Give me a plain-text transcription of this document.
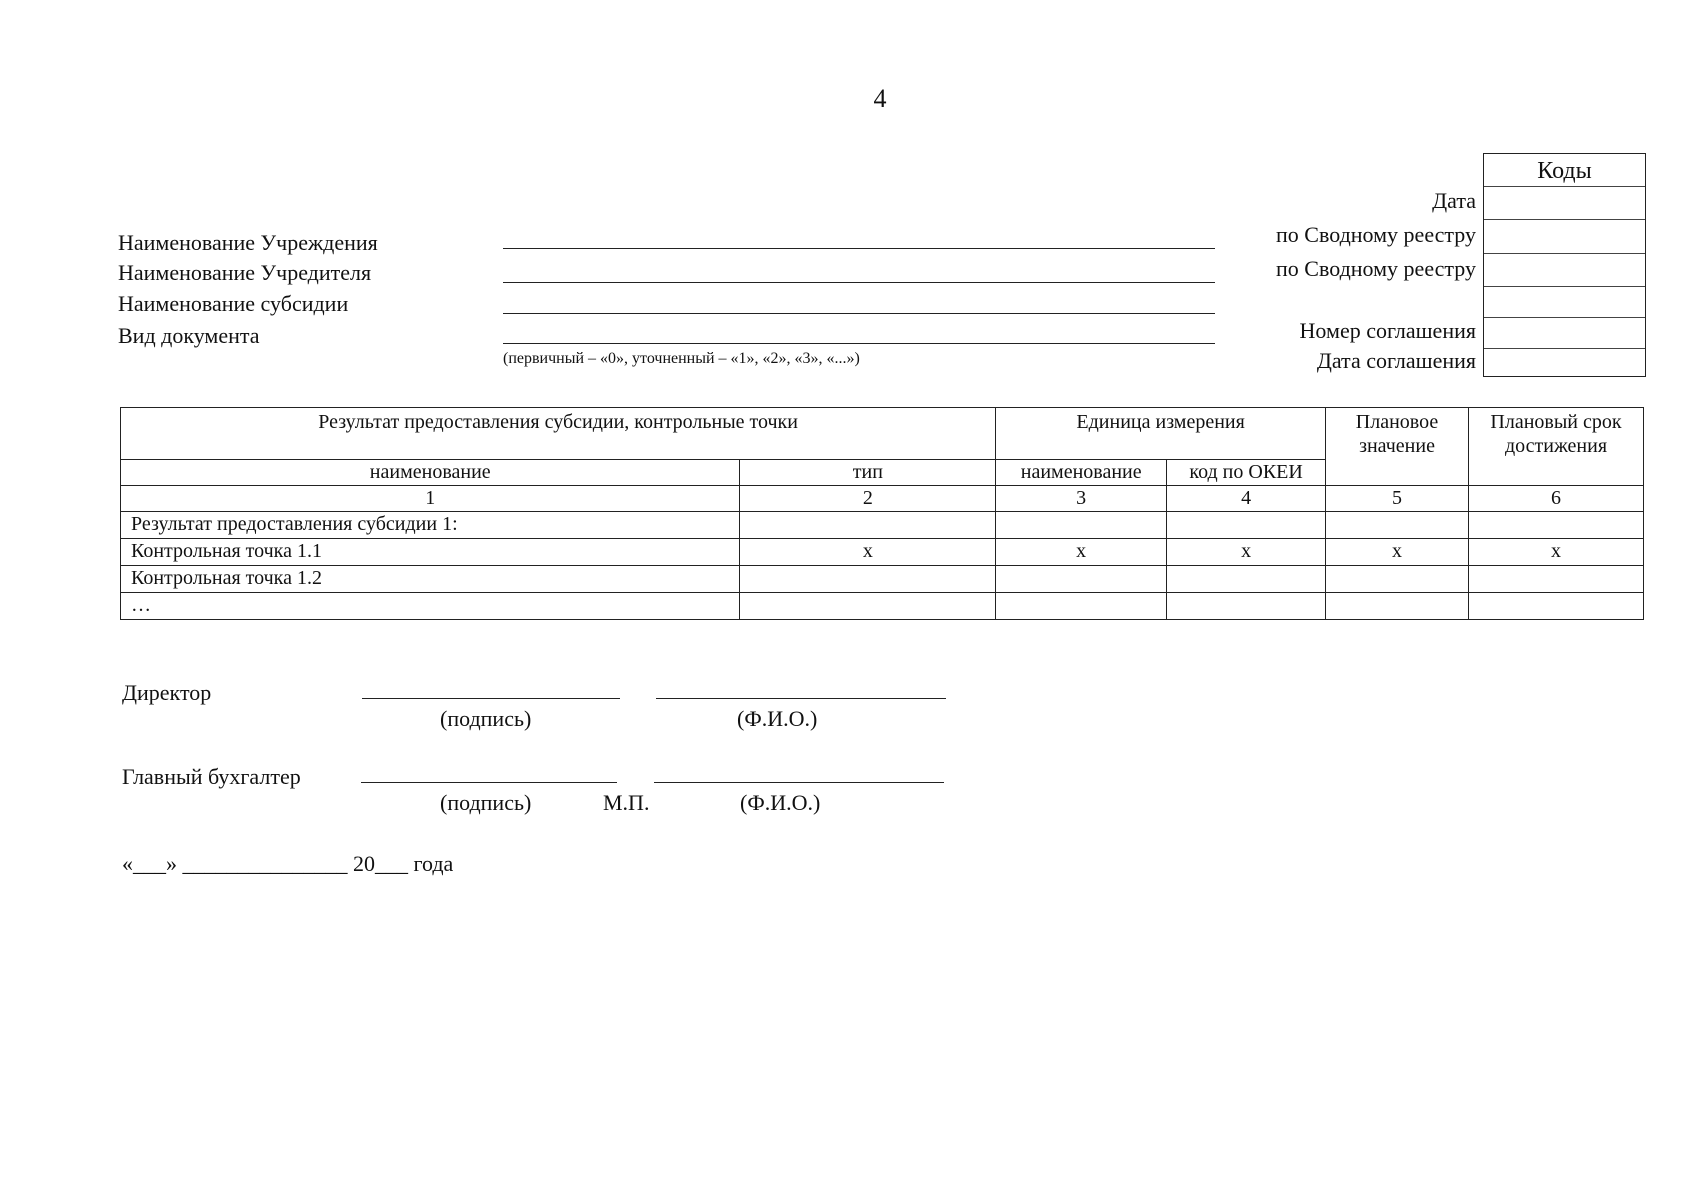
4
Наименование Учреждения
Наименование Учредителя
Наименование субсидии
Вид документа
(первичный – «0», уточненный – «1», «2», «3», «...»)
Дата
по Сводному реестру
по Сводному реестру
Номер соглашения
Дата соглашения
Коды
Результат предоставления субсидии, контрольные точки		Единица измерения		Плановое значение	Плановый срок достижения
наименование	тип	наименование	код по ОКЕИ		
1	2	3	4	5	6
Результат предоставления субсидии 1:					
Контрольная точка 1.1	x	x	x	x	x
Контрольная точка 1.2					
…					
Директор
(подпись)	(Ф.И.О.)
Главный бухгалтер
(подпись)	М.П.	(Ф.И.О.)
«___» _______________ 20___ года
